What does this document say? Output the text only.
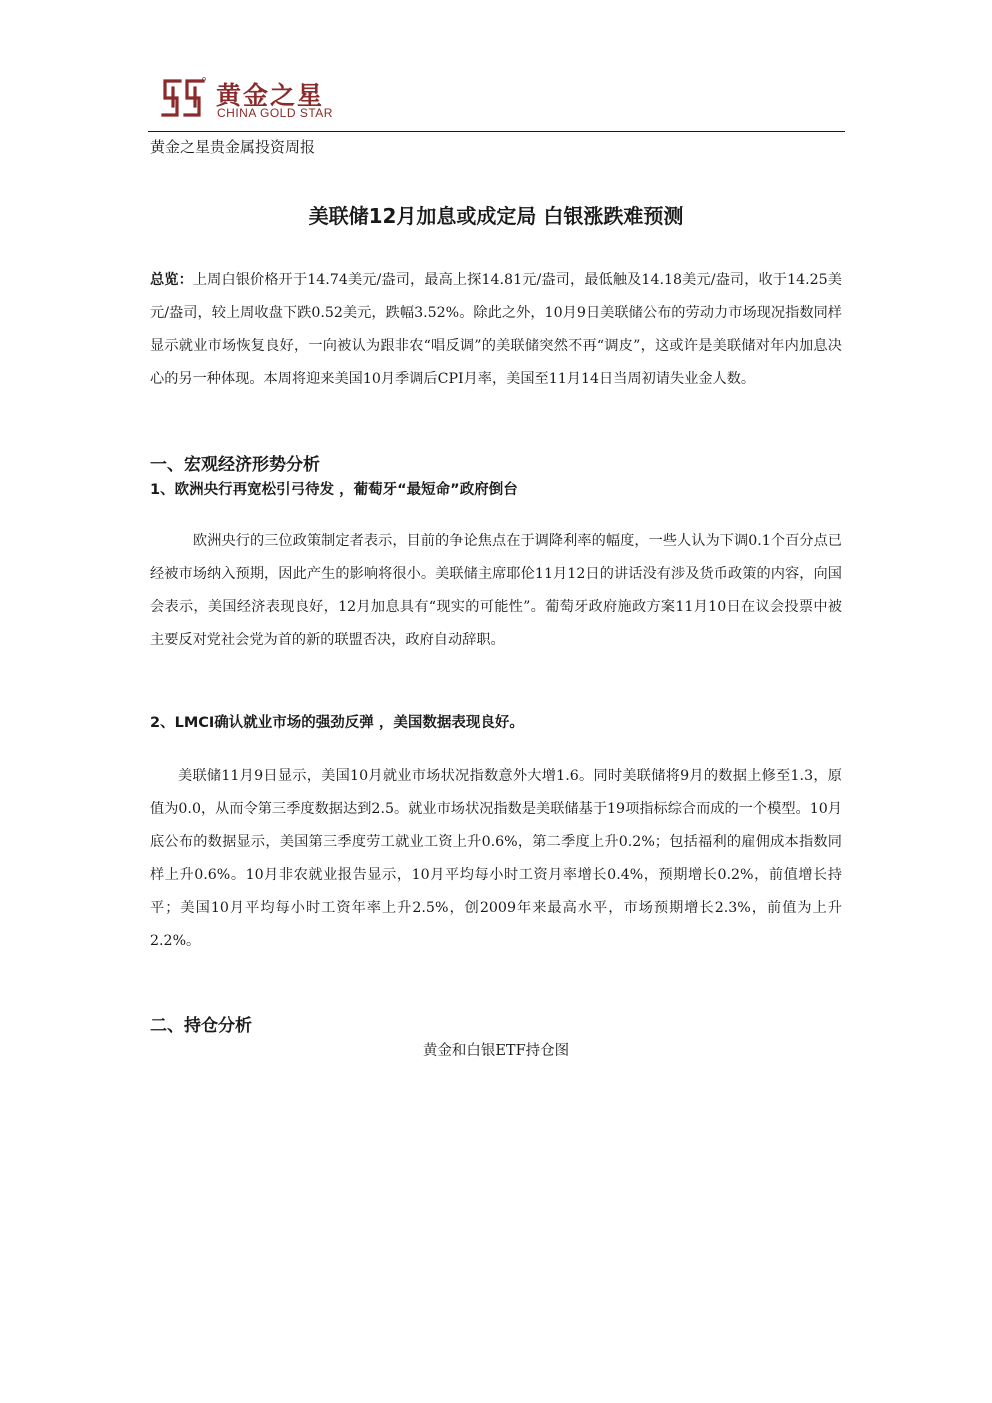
黄金之星
CHINA GOLD STAR
黄金之星贵金属投资周报
美联储12月加息或成定局 白银涨跌难预测

总览：上周白银价格开于14.74美元/盎司，最高上探14.81元/盎司，最低触及14.18美元/盎司，收于14.25美元/盎司，较上周收盘下跌0.52美元，跌幅3.52%。除此之外，10月9日美联储公布的劳动力市场现况指数同样显示就业市场恢复良好，一向被认为跟非农“唱反调”的美联储突然不再“调皮”，这或许是美联储对年内加息决心的另一种体现。本周将迎来美国10月季调后CPI月率，美国至11月14日当周初请失业金人数。

一、宏观经济形势分析
1、欧洲央行再宽松引弓待发 ，葡萄牙“最短命”政府倒台

欧洲央行的三位政策制定者表示，目前的争论焦点在于调降利率的幅度，一些人认为下调0.1个百分点已经被市场纳入预期，因此产生的影响将很小。美联储主席耶伦11月12日的讲话没有涉及货币政策的内容，向国会表示，美国经济表现良好，12月加息具有“现实的可能性”。葡萄牙政府施政方案11月10日在议会投票中被主要反对党社会党为首的新的联盟否决，政府自动辞职。

2、LMCI确认就业市场的强劲反弹 ，美国数据表现良好。

美联储11月9日显示，美国10月就业市场状况指数意外大增1.6。同时美联储将9月的数据上修至1.3，原值为0.0，从而令第三季度数据达到2.5。就业市场状况指数是美联储基于19项指标综合而成的一个模型。10月底公布的数据显示，美国第三季度劳工就业工资上升0.6%，第二季度上升0.2%；包括福利的雇佣成本指数同样上升0.6%。10月非农就业报告显示，10月平均每小时工资月率增长0.4%，预期增长0.2%，前值增长持平；美国10月平均每小时工资年率上升2.5%，创2009年来最高水平，市场预期增长2.3%，前值为上升2.2%。

二、持仓分析
黄金和白银ETF持仓图
